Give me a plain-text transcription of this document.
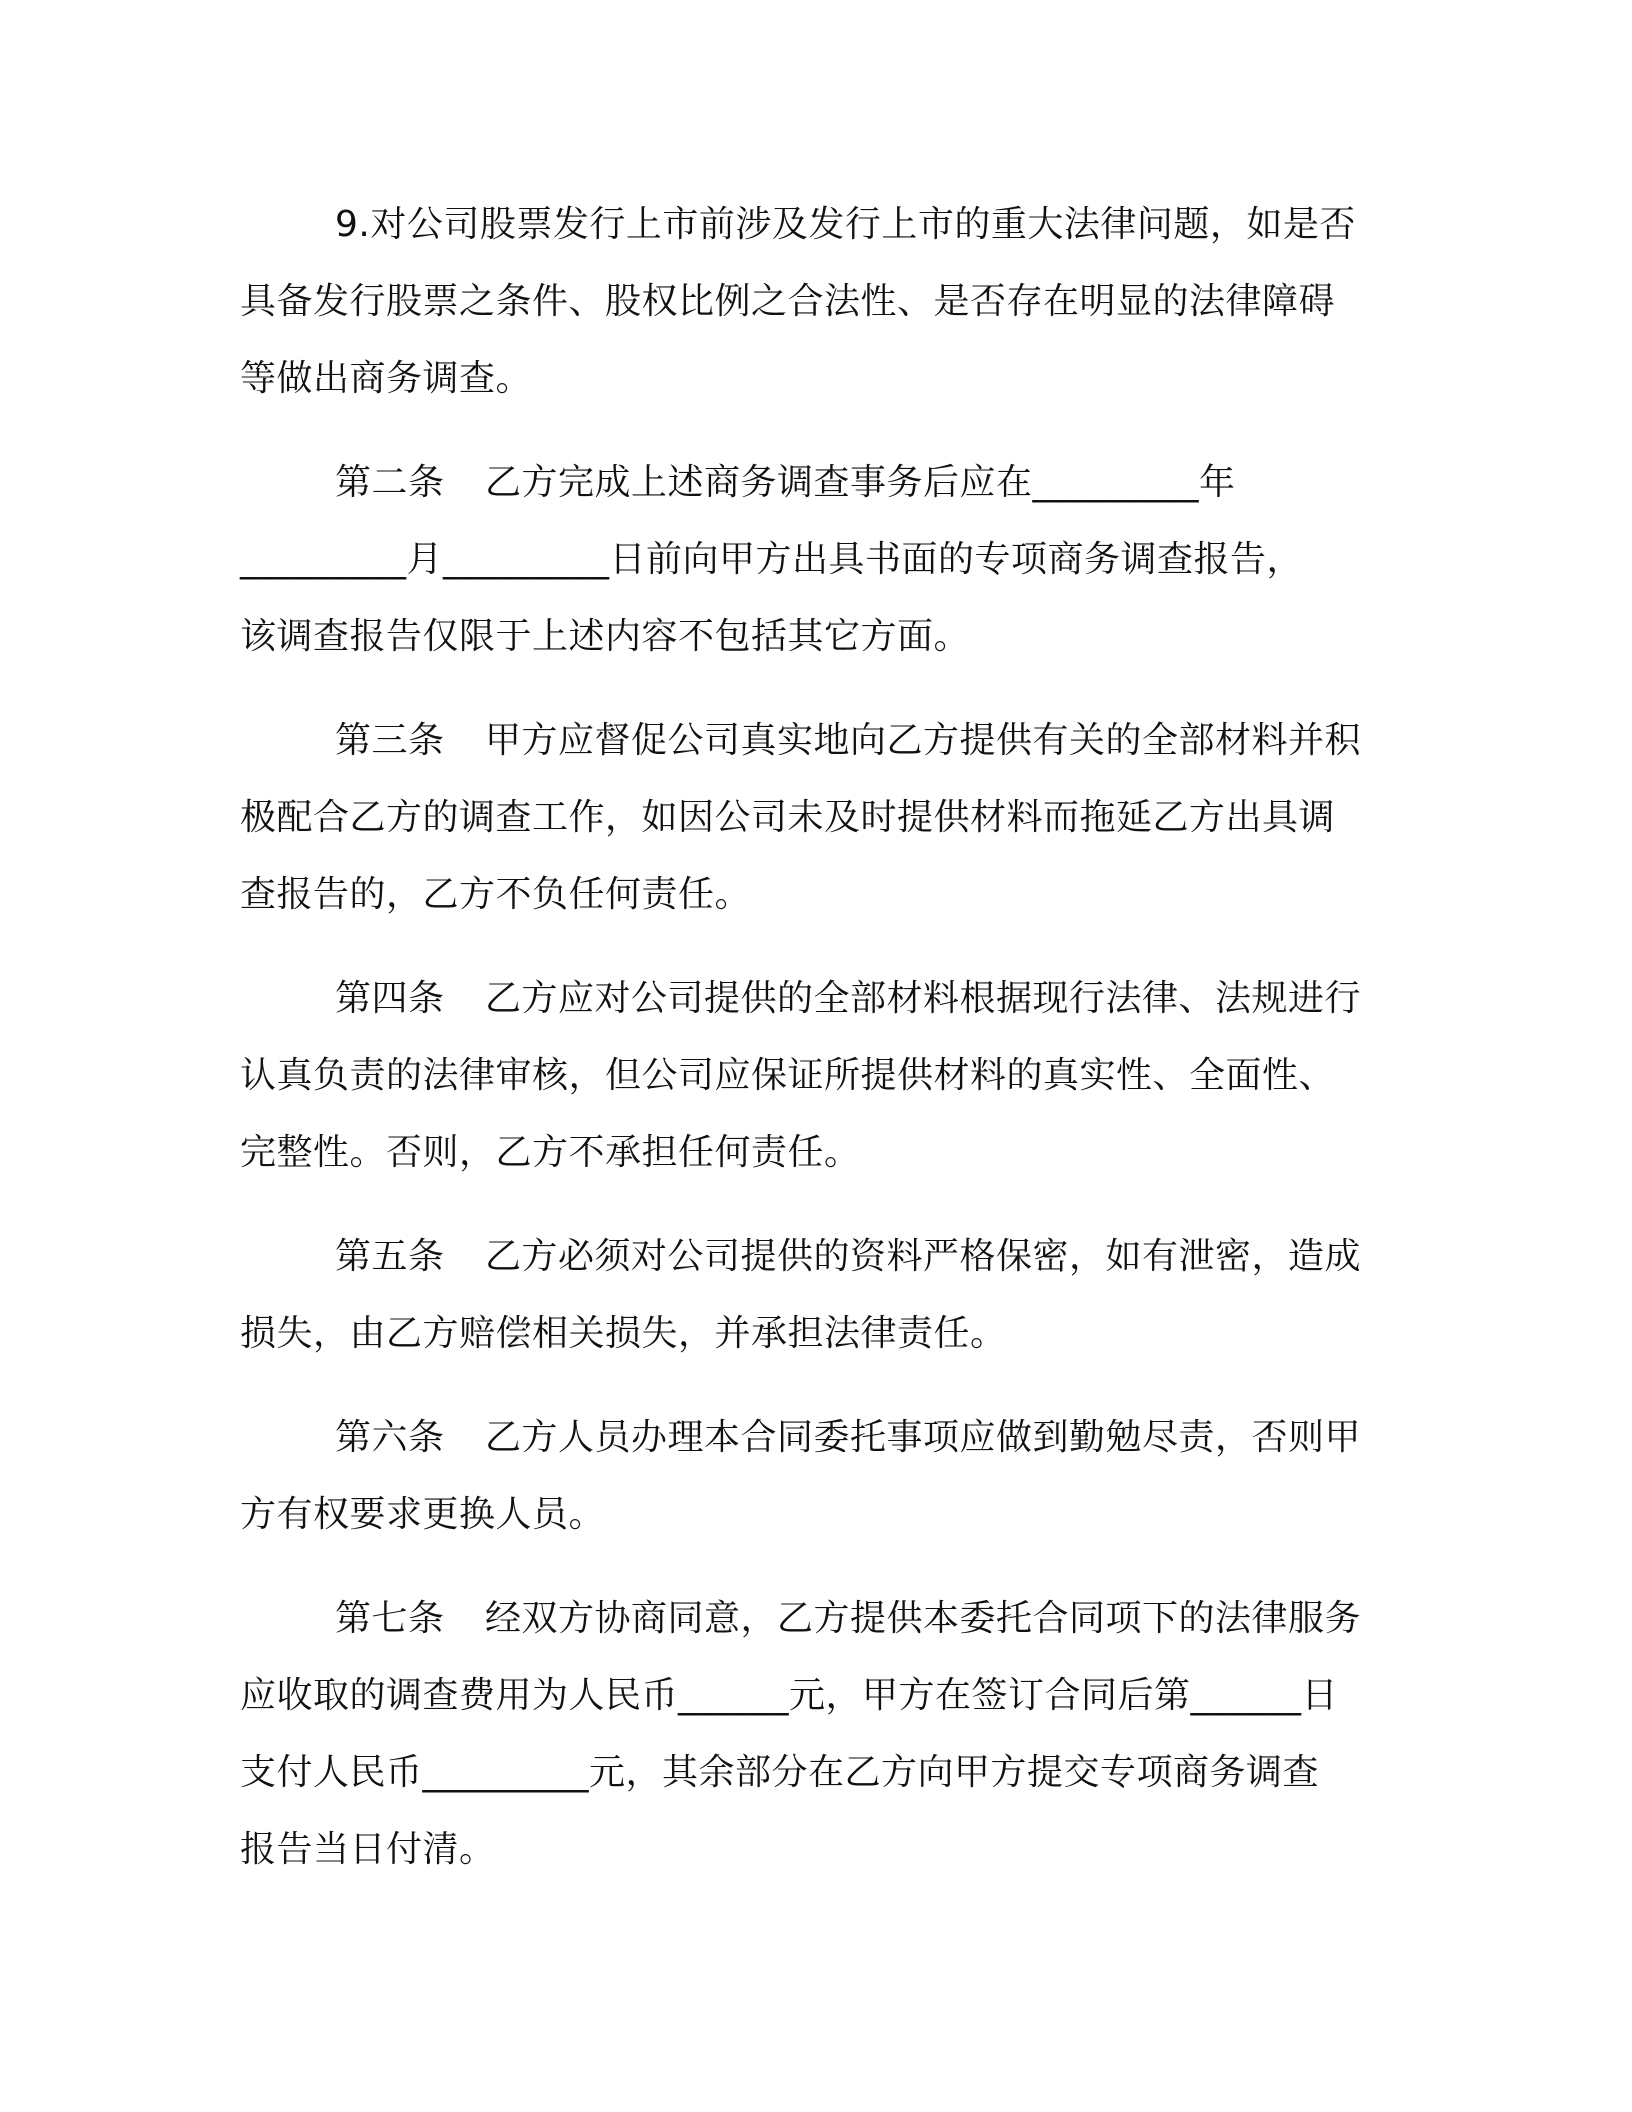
9.对公司股票发行上市前涉及发行上市的重大法律问题，如是否
具备发行股票之条件、股权比例之合法性、是否存在明显的法律障碍
等做出商务调查。
第二条 乙方完成上述商务调查事务后应在_________年
_________月_________日前向甲方出具书面的专项商务调查报告，
该调查报告仅限于上述内容不包括其它方面。
第三条 甲方应督促公司真实地向乙方提供有关的全部材料并积
极配合乙方的调查工作，如因公司未及时提供材料而拖延乙方出具调
查报告的，乙方不负任何责任。
第四条 乙方应对公司提供的全部材料根据现行法律、法规进行
认真负责的法律审核，但公司应保证所提供材料的真实性、全面性、
完整性。否则，乙方不承担任何责任。
第五条 乙方必须对公司提供的资料严格保密，如有泄密，造成
损失，由乙方赔偿相关损失，并承担法律责任。
第六条 乙方人员办理本合同委托事项应做到勤勉尽责，否则甲
方有权要求更换人员。
第七条 经双方协商同意，乙方提供本委托合同项下的法律服务
应收取的调查费用为人民币______元，甲方在签订合同后第______日
支付人民币_________元，其余部分在乙方向甲方提交专项商务调查
报告当日付清。
